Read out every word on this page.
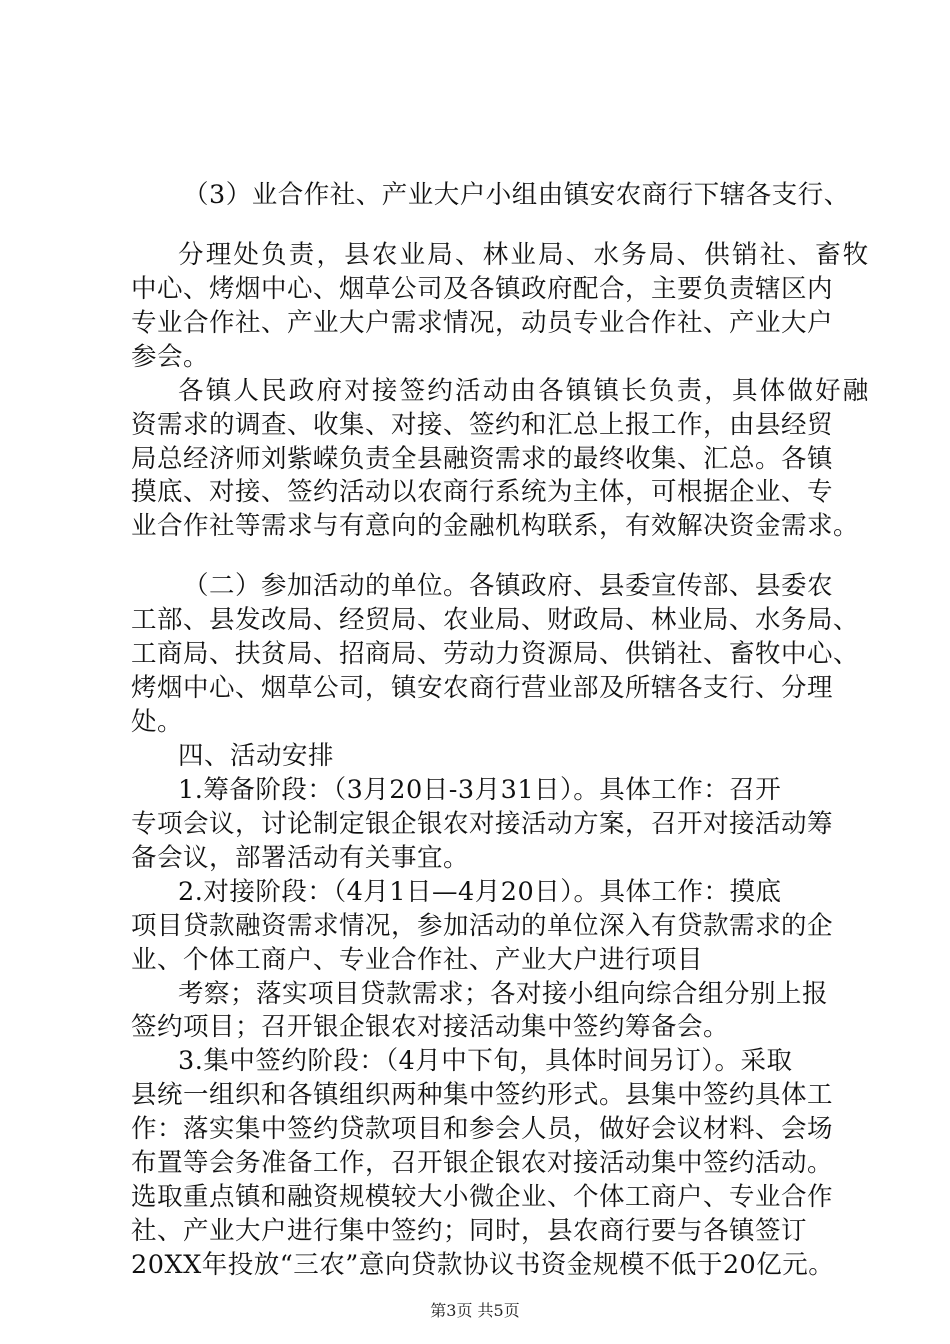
（3）业合作社、产业大户小组由镇安农商行下辖各支行、
分理处负责，县农业局、林业局、水务局、供销社、畜牧
中心、烤烟中心、烟草公司及各镇政府配合，主要负责辖区内
专业合作社、产业大户需求情况，动员专业合作社、产业大户
参会。
各镇人民政府对接签约活动由各镇镇长负责，具体做好融
资需求的调查、收集、对接、签约和汇总上报工作，由县经贸
局总经济师刘紫嵘负责全县融资需求的最终收集、汇总。各镇
摸底、对接、签约活动以农商行系统为主体，可根据企业、专
业合作社等需求与有意向的金融机构联系，有效解决资金需求。
（二）参加活动的单位。各镇政府、县委宣传部、县委农
工部、县发改局、经贸局、农业局、财政局、林业局、水务局、
工商局、扶贫局、招商局、劳动力资源局、供销社、畜牧中心、
烤烟中心、烟草公司，镇安农商行营业部及所辖各支行、分理
处。
四、活动安排
1.筹备阶段：（3月20日-3月31日）。具体工作：召开
专项会议，讨论制定银企银农对接活动方案，召开对接活动筹
备会议，部署活动有关事宜。
2.对接阶段：（4月1日—4月20日）。具体工作：摸底
项目贷款融资需求情况，参加活动的单位深入有贷款需求的企
业、个体工商户、专业合作社、产业大户进行项目
考察；落实项目贷款需求；各对接小组向综合组分别上报
签约项目；召开银企银农对接活动集中签约筹备会。
3.集中签约阶段：（4月中下旬，具体时间另订）。采取
县统一组织和各镇组织两种集中签约形式。县集中签约具体工
作：落实集中签约贷款项目和参会人员，做好会议材料、会场
布置等会务准备工作，召开银企银农对接活动集中签约活动。
选取重点镇和融资规模较大小微企业、个体工商户、专业合作
社、产业大户进行集中签约；同时，县农商行要与各镇签订
20XX年投放“三农”意向贷款协议书资金规模不低于20亿元。
第3页 共5页
